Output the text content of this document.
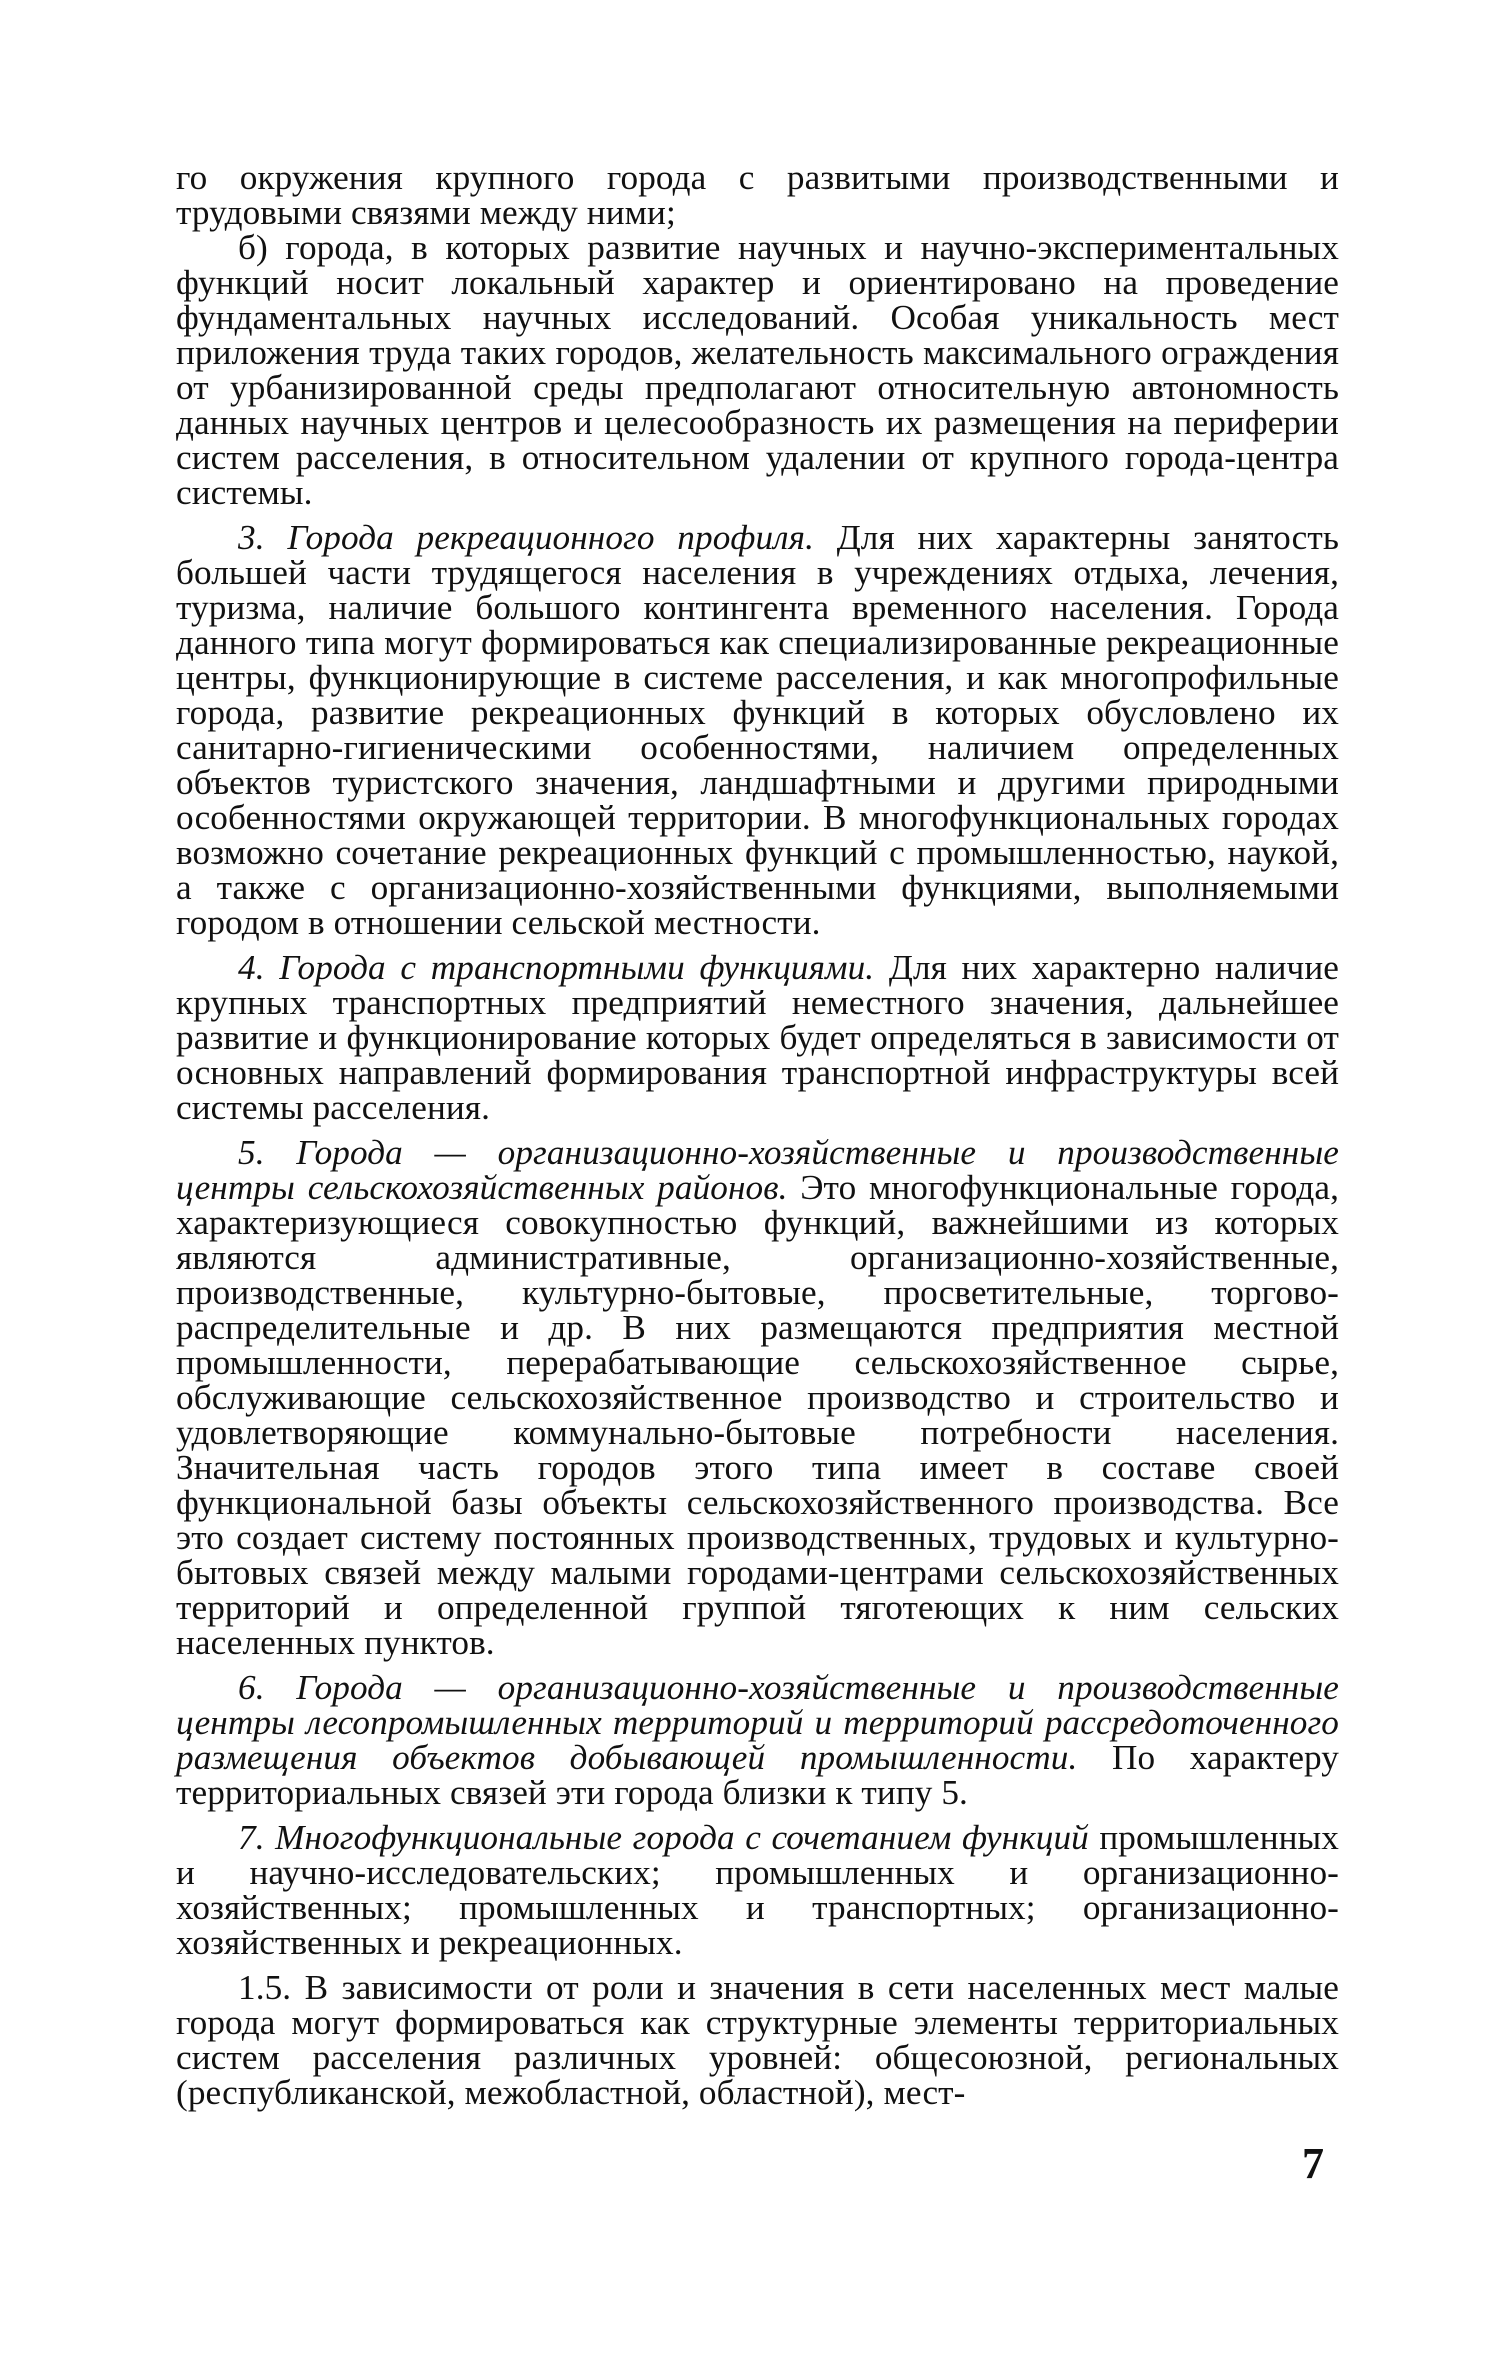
го окружения крупного города с развитыми производственными и трудовыми связями между ними;

б) города, в которых развитие научных и научно-экспериментальных функций носит локальный характер и ориентировано на проведение фундаментальных научных исследований. Особая уникальность мест приложения труда таких городов, желательность максимального ограждения от урбанизированной среды предполагают относительную автономность данных научных центров и целесообразность их размещения на периферии систем расселения, в относительном удалении от крупного города-центра системы.

3. Города рекреационного профиля. Для них характерны занятость большей части трудящегося населения в учреждениях отдыха, лечения, туризма, наличие большого контингента временного населения. Города данного типа могут формироваться как специализированные рекреационные центры, функционирующие в системе расселения, и как многопрофильные города, развитие рекреационных функций в которых обусловлено их санитарно-гигиеническими особенностями, наличием определенных объектов туристского значения, ландшафтными и другими природными особенностями окружающей территории. В многофункциональных городах возможно сочетание рекреационных функций с промышленностью, наукой, а также с организационно-хозяйственными функциями, выполняемыми городом в отношении сельской местности.

4. Города с транспортными функциями. Для них характерно наличие крупных транспортных предприятий неместного значения, дальнейшее развитие и функционирование которых будет определяться в зависимости от основных направлений формирования транспортной инфраструктуры всей системы расселения.

5. Города — организационно-хозяйственные и производственные центры сельскохозяйственных районов. Это многофункциональные города, характеризующиеся совокупностью функций, важнейшими из которых являются административные, организационно-хозяйственные, производственные, культурно-бытовые, просветительные, торгово-распределительные и др. В них размещаются предприятия местной промышленности, перерабатывающие сельскохозяйственное сырье, обслуживающие сельскохозяйственное производство и строительство и удовлетворяющие коммунально-бытовые потребности населения. Значительная часть городов этого типа имеет в составе своей функциональной базы объекты сельскохозяйственного производства. Все это создает систему постоянных производственных, трудовых и культурно-бытовых связей между малыми городами-центрами сельскохозяйственных территорий и определенной группой тяготеющих к ним сельских населенных пунктов.

6. Города — организационно-хозяйственные и производственные центры лесопромышленных территорий и территорий рассредоточенного размещения объектов добывающей промышленности. По характеру территориальных связей эти города близки к типу 5.

7. Многофункциональные города с сочетанием функций промышленных и научно-исследовательских; промышленных и организационно-хозяйственных; промышленных и транспортных; организационно-хозяйственных и рекреационных.

1.5. В зависимости от роли и значения в сети населенных мест малые города могут формироваться как структурные элементы территориальных систем расселения различных уровней: общесоюзной, региональных (республиканской, межобластной, областной), мест-

7
